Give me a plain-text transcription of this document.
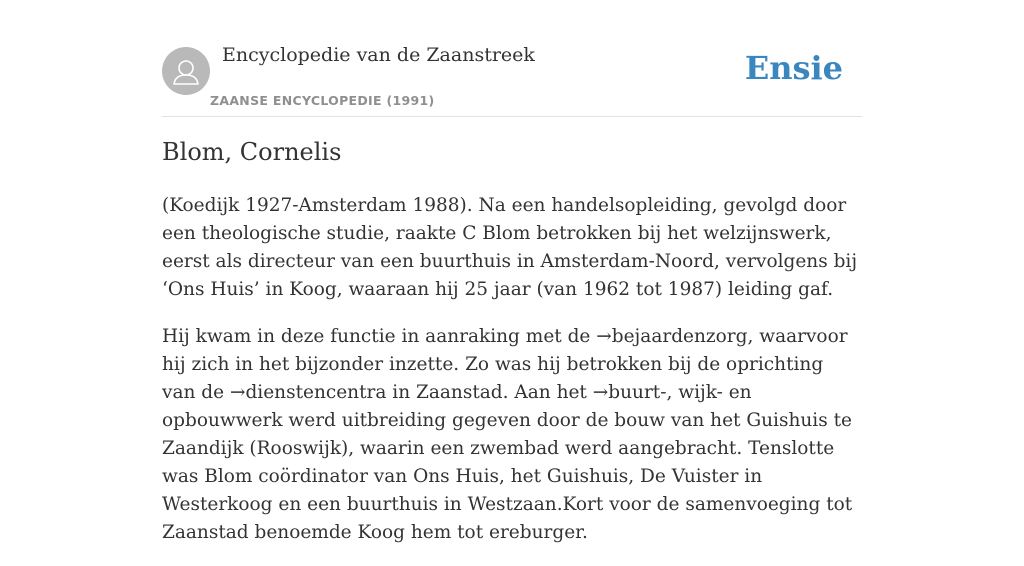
Encyclopedie van de Zaanstreek
ZAANSE ENCYCLOPEDIE (1991)
Ensie
Blom, Cornelis

(Koedijk 1927-Amsterdam 1988). Na een handelsopleiding, gevolgd door een theologische studie, raakte C Blom betrokken bij het welzijnswerk, eerst als directeur van een buurthuis in Amsterdam-Noord, vervolgens bij ‘Ons Huis’ in Koog, waaraan hij 25 jaar (van 1962 tot 1987) leiding gaf.

Hij kwam in deze functie in aanraking met de →bejaardenzorg, waarvoor hij zich in het bijzonder inzette. Zo was hij betrokken bij de oprichting van de →dienstencentra in Zaanstad. Aan het →buurt-, wijk- en opbouwwerk werd uitbreiding gegeven door de bouw van het Guishuis te Zaandijk (Rooswijk), waarin een zwembad werd aangebracht. Tenslotte was Blom coördinator van Ons Huis, het Guishuis, De Vuister in Westerkoog en een buurthuis in Westzaan.Kort voor de samenvoeging tot Zaanstad benoemde Koog hem tot ereburger.
